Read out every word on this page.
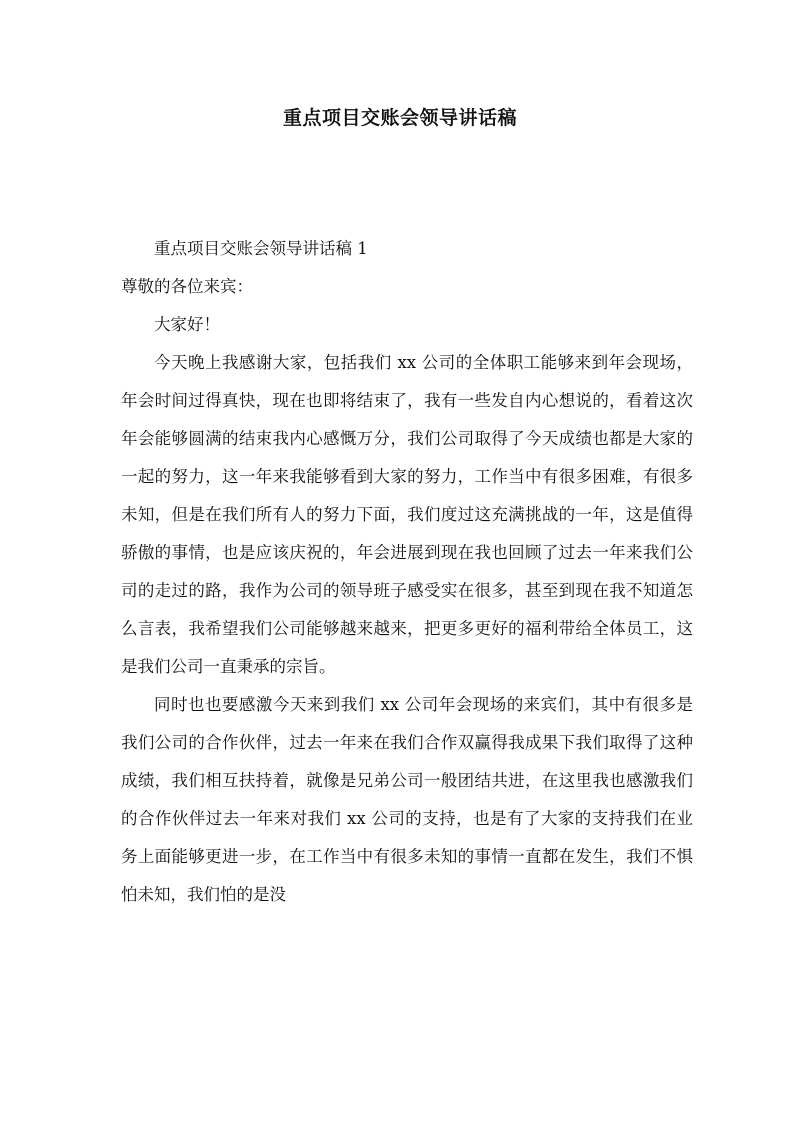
重点项目交账会领导讲话稿

重点项目交账会领导讲话稿 1

尊敬的各位来宾：

大家好！

今天晚上我感谢大家，包括我们 xx 公司的全体职工能够来到年会现场，年会时间过得真快，现在也即将结束了，我有一些发自内心想说的，看着这次年会能够圆满的结束我内心感慨万分，我们公司取得了今天成绩也都是大家的一起的努力，这一年来我能够看到大家的努力，工作当中有很多困难，有很多未知，但是在我们所有人的努力下面，我们度过这充满挑战的一年，这是值得骄傲的事情，也是应该庆祝的，年会进展到现在我也回顾了过去一年来我们公司的走过的路，我作为公司的领导班子感受实在很多，甚至到现在我不知道怎么言表，我希望我们公司能够越来越来，把更多更好的福利带给全体员工，这是我们公司一直秉承的宗旨。

同时也也要感激今天来到我们 xx 公司年会现场的来宾们，其中有很多是我们公司的合作伙伴，过去一年来在我们合作双赢得我成果下我们取得了这种成绩，我们相互扶持着，就像是兄弟公司一般团结共进，在这里我也感激我们的合作伙伴过去一年来对我们 xx 公司的支持，也是有了大家的支持我们在业务上面能够更进一步，在工作当中有很多未知的事情一直都在发生，我们不惧怕未知，我们怕的是没
